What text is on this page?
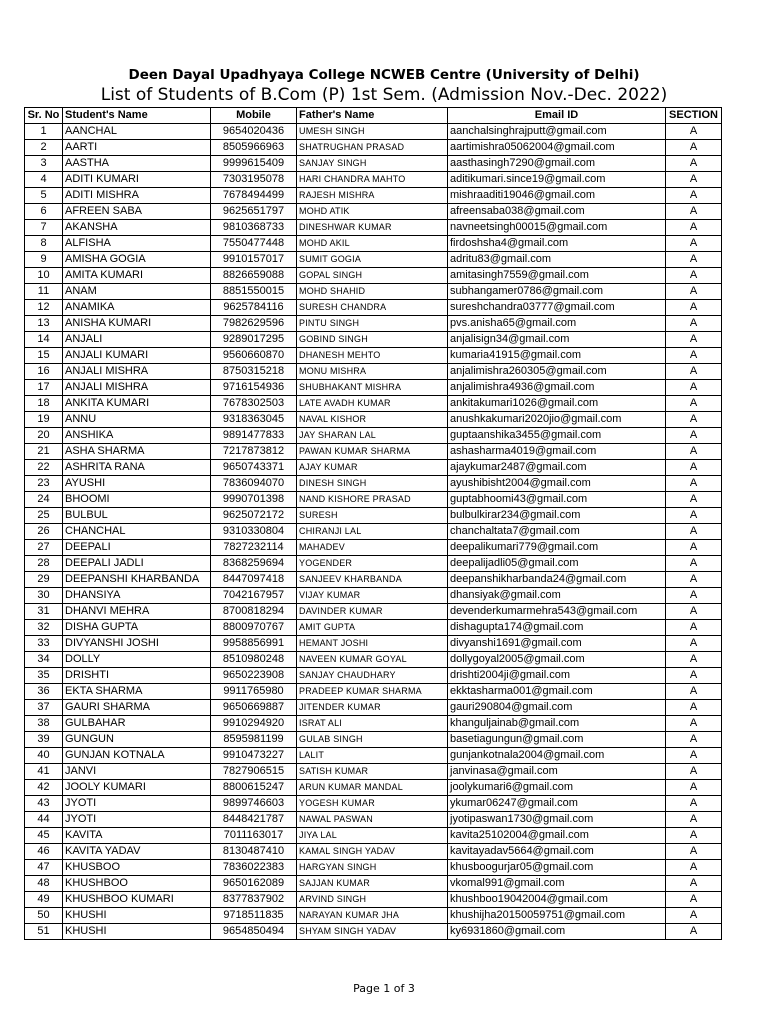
Deen Dayal Upadhyaya College NCWEB Centre (University of Delhi)
List of Students of B.Com (P) 1st Sem. (Admission Nov.-Dec. 2022)
Sr. No	Student's Name	Mobile	Father's Name	Email ID	SECTION
1	AANCHAL	9654020436	UMESH SINGH	aanchalsinghrajputt@gmail.com	A
2	AARTI	8505966963	SHATRUGHAN PRASAD	aartimishra05062004@gmail.com	A
3	AASTHA	9999615409	SANJAY SINGH	aasthasingh7290@gmail.com	A
4	ADITI KUMARI	7303195078	HARI CHANDRA MAHTO	aditikumari.since19@gmail.com	A
5	ADITI MISHRA	7678494499	RAJESH MISHRA	mishraaditi19046@gmail.com	A
6	AFREEN SABA	9625651797	MOHD ATIK	afreensaba038@gmail.com	A
7	AKANSHA	9810368733	DINESHWAR KUMAR	navneetsingh00015@gmail.com	A
8	ALFISHA	7550477448	MOHD AKIL	firdoshsha4@gmail.com	A
9	AMISHA GOGIA	9910157017	SUMIT GOGIA	adritu83@gmail.com	A
10	AMITA KUMARI	8826659088	GOPAL SINGH	amitasingh7559@gmail.com	A
11	ANAM	8851550015	MOHD SHAHID	subhangamer0786@gmail.com	A
12	ANAMIKA	9625784116	SURESH CHANDRA	sureshchandra03777@gmail.com	A
13	ANISHA KUMARI	7982629596	PINTU SINGH	pvs.anisha65@gmail.com	A
14	ANJALI	9289017295	GOBIND SINGH	anjalisign34@gmail.com	A
15	ANJALI KUMARI	9560660870	DHANESH MEHTO	kumaria41915@gmail.com	A
16	ANJALI MISHRA	8750315218	MONU MISHRA	anjalimishra260305@gmail.com	A
17	ANJALI MISHRA	9716154936	SHUBHAKANT MISHRA	anjalimishra4936@gmail.com	A
18	ANKITA KUMARI	7678302503	LATE AVADH KUMAR	ankitakumari1026@gmail.com	A
19	ANNU	9318363045	NAVAL KISHOR	anushkakumari2020jio@gmail.com	A
20	ANSHIKA	9891477833	JAY SHARAN LAL	guptaanshika3455@gmail.com	A
21	ASHA SHARMA	7217873812	PAWAN KUMAR SHARMA	ashasharma4019@gmail.com	A
22	ASHRITA RANA	9650743371	AJAY KUMAR	ajaykumar2487@gmail.com	A
23	AYUSHI	7836094070	DINESH SINGH	ayushibisht2004@gmail.com	A
24	BHOOMI	9990701398	NAND KISHORE PRASAD	guptabhoomi43@gmail.com	A
25	BULBUL	9625072172	SURESH	bulbulkirar234@gmail.com	A
26	CHANCHAL	9310330804	CHIRANJI LAL	chanchaltata7@gmail.com	A
27	DEEPALI	7827232114	MAHADEV	deepalikumari779@gmail.com	A
28	DEEPALI JADLI	8368259694	YOGENDER	deepalijadli05@gmail.com	A
29	DEEPANSHI KHARBANDA	8447097418	SANJEEV KHARBANDA	deepanshikharbanda24@gmail.com	A
30	DHANSIYA	7042167957	VIJAY KUMAR	dhansiyak@gmail.com	A
31	DHANVI MEHRA	8700818294	DAVINDER KUMAR	devenderkumarmehra543@gmail.com	A
32	DISHA GUPTA	8800970767	AMIT GUPTA	dishagupta174@gmail.com	A
33	DIVYANSHI JOSHI	9958856991	HEMANT JOSHI	divyanshi1691@gmail.com	A
34	DOLLY	8510980248	NAVEEN KUMAR GOYAL	dollygoyal2005@gmail.com	A
35	DRISHTI	9650223908	SANJAY CHAUDHARY	drishti2004ji@gmail.com	A
36	EKTA SHARMA	9911765980	PRADEEP KUMAR SHARMA	ekktasharma001@gmail.com	A
37	GAURI SHARMA	9650669887	JITENDER KUMAR	gauri290804@gmail.com	A
38	GULBAHAR	9910294920	ISRAT ALI	khanguljainab@gmail.com	A
39	GUNGUN	8595981199	GULAB SINGH	basetiagungun@gmail.com	A
40	GUNJAN KOTNALA	9910473227	LALIT	gunjankotnala2004@gmail.com	A
41	JANVI	7827906515	SATISH KUMAR	janvinasa@gmail.com	A
42	JOOLY KUMARI	8800615247	ARUN KUMAR MANDAL	joolykumari6@gmail.com	A
43	JYOTI	9899746603	YOGESH KUMAR	ykumar06247@gmail.com	A
44	JYOTI	8448421787	NAWAL PASWAN	jyotipaswan1730@gmail.com	A
45	KAVITA	7011163017	JIYA LAL	kavita25102004@gmail.com	A
46	KAVITA YADAV	8130487410	KAMAL SINGH YADAV	kavitayadav5664@gmail.com	A
47	KHUSBOO	7836022383	HARGYAN SINGH	khusboogurjar05@gmail.com	A
48	KHUSHBOO	9650162089	SAJJAN KUMAR	vkomal991@gmail.com	A
49	KHUSHBOO KUMARI	8377837902	ARVIND SINGH	khushboo19042004@gmail.com	A
50	KHUSHI	9718511835	NARAYAN KUMAR JHA	khushijha20150059751@gmail.com	A
51	KHUSHI	9654850494	SHYAM SINGH YADAV	ky6931860@gmail.com	A
Page 1 of 3
